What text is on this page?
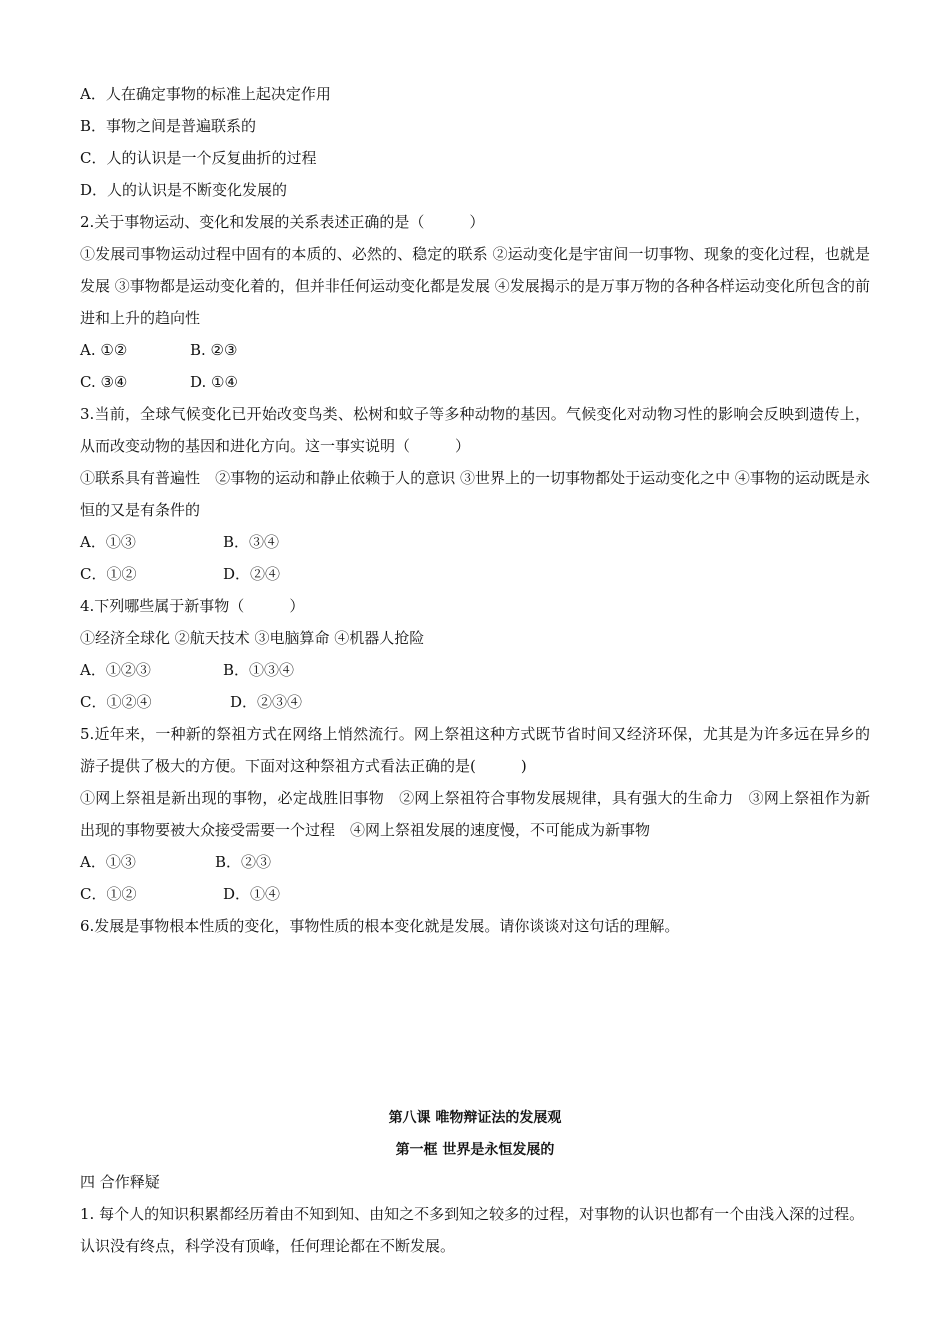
A．人在确定事物的标准上起决定作用
B．事物之间是普遍联系的
C．人的认识是一个反复曲折的过程
D．人的认识是不断变化发展的
2.关于事物运动、变化和发展的关系表述正确的是（　　　）
①发展司事物运动过程中固有的本质的、必然的、稳定的联系 ②运动变化是宇宙间一切事物、现象的变化过程，也就是发展 ③事物都是运动变化着的，但并非任何运动变化都是发展 ④发展揭示的是万事万物的各种各样运动变化所包含的前进和上升的趋向性
A. ①②	B. ②③
C. ③④	D. ①④
3.当前，全球气候变化已开始改变鸟类、松树和蚊子等多种动物的基因。气候变化对动物习性的影响会反映到遗传上，从而改变动物的基因和进化方向。这一事实说明（　　　）
①联系具有普遍性　②事物的运动和静止依赖于人的意识 ③世界上的一切事物都处于运动变化之中 ④事物的运动既是永恒的又是有条件的
A．①③	B．③④
C．①②	D．②④
4.下列哪些属于新事物（　　　）
①经济全球化 ②航天技术 ③电脑算命 ④机器人抢险
A．①②③	B．①③④
C．①②④	D．②③④
5.近年来，一种新的祭祖方式在网络上悄然流行。网上祭祖这种方式既节省时间又经济环保，尤其是为许多远在异乡的游子提供了极大的方便。下面对这种祭祖方式看法正确的是(　　　)
①网上祭祖是新出现的事物，必定战胜旧事物　②网上祭祖符合事物发展规律，具有强大的生命力　③网上祭祖作为新出现的事物要被大众接受需要一个过程　④网上祭祖发展的速度慢，不可能成为新事物
A．①③	B．②③
C．①②	D．①④
6.发展是事物根本性质的变化，事物性质的根本变化就是发展。请你谈谈对这句话的理解。
第八课 唯物辩证法的发展观
第一框 世界是永恒发展的
四 合作释疑
1. 每个人的知识积累都经历着由不知到知、由知之不多到知之较多的过程，对事物的认识也都有一个由浅入深的过程。
认识没有终点，科学没有顶峰，任何理论都在不断发展。
